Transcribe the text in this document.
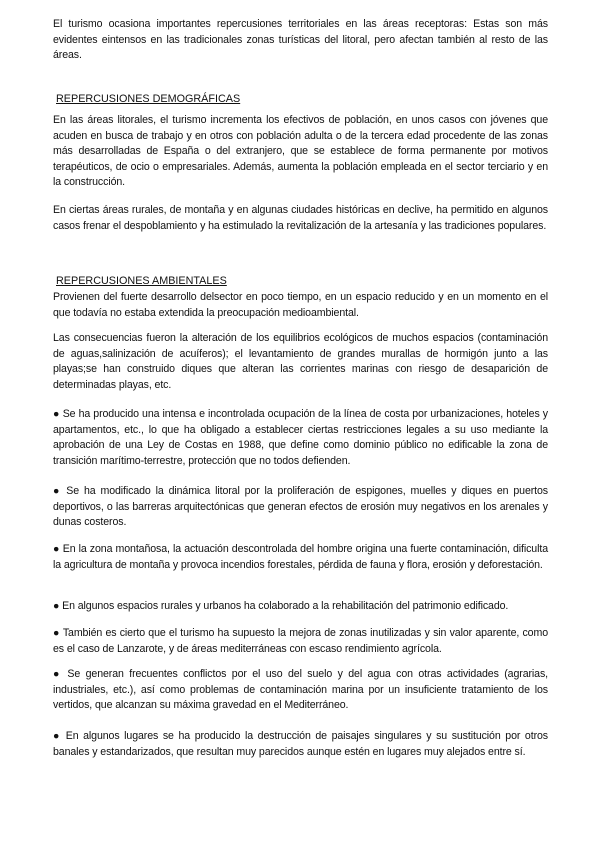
El turismo ocasiona importantes repercusiones territoriales en las áreas receptoras: Estas son más evidentes eintensos en las tradicionales zonas turísticas del litoral, pero afectan también al resto de las áreas.

REPERCUSIONES DEMOGRÁFICAS

En las áreas litorales, el turismo incrementa los efectivos de población, en unos casos con jóvenes que acuden en busca de trabajo y en otros con población adulta o de la tercera edad procedente de las zonas más desarrolladas de España o del extranjero, que se establece de forma permanente por motivos terapéuticos, de ocio o empresariales. Además, aumenta la población empleada en el sector terciario y en la construcción.

En ciertas áreas rurales, de montaña y en algunas ciudades históricas en declive, ha permitido en algunos casos frenar el despoblamiento y ha estimulado la revitalización de la artesanía y las tradiciones populares.

REPERCUSIONES AMBIENTALES

Provienen del fuerte desarrollo delsector en poco tiempo, en un espacio reducido y en un momento en el que todavía no estaba extendida la preocupación medioambiental.

Las consecuencias fueron la alteración de los equilibrios ecológicos de muchos espacios (contaminación de aguas,salinización de acuíferos); el levantamiento de grandes murallas de hormigón junto a las playas;se han construido diques que alteran las corrientes marinas con riesgo de desaparición de determinadas playas, etc.

● Se ha producido una intensa e incontrolada ocupación de la línea de costa por urbanizaciones, hoteles y apartamentos, etc., lo que ha obligado a establecer ciertas restricciones legales a su uso mediante la aprobación de una Ley de Costas en 1988, que define como dominio público no edificable la zona de transición marítimo-terrestre, protección que no todos defienden.

● Se ha modificado la dinámica litoral por la proliferación de espigones, muelles y diques en puertos deportivos, o las barreras arquitectónicas que generan efectos de erosión muy negativos en los arenales y dunas costeros.

● En la zona montañosa, la actuación descontrolada del hombre origina una fuerte contaminación, dificulta la agricultura de montaña y provoca incendios forestales, pérdida de fauna y flora, erosión y deforestación.

● En algunos espacios rurales y urbanos ha colaborado a la rehabilitación del patrimonio edificado.

● También es cierto que el turismo ha supuesto la mejora de zonas inutilizadas y sin valor aparente, como es el caso de Lanzarote, y de áreas mediterráneas con escaso rendimiento agrícola.

● Se generan frecuentes conflictos por el uso del suelo y del agua con otras actividades (agrarias, industriales, etc.), así como problemas de contaminación marina por un insuficiente tratamiento de los vertidos, que alcanzan su máxima gravedad en el Mediterráneo.

● En algunos lugares se ha producido la destrucción de paisajes singulares y su sustitución por otros banales y estandarizados, que resultan muy parecidos aunque estén en lugares muy alejados entre sí.
